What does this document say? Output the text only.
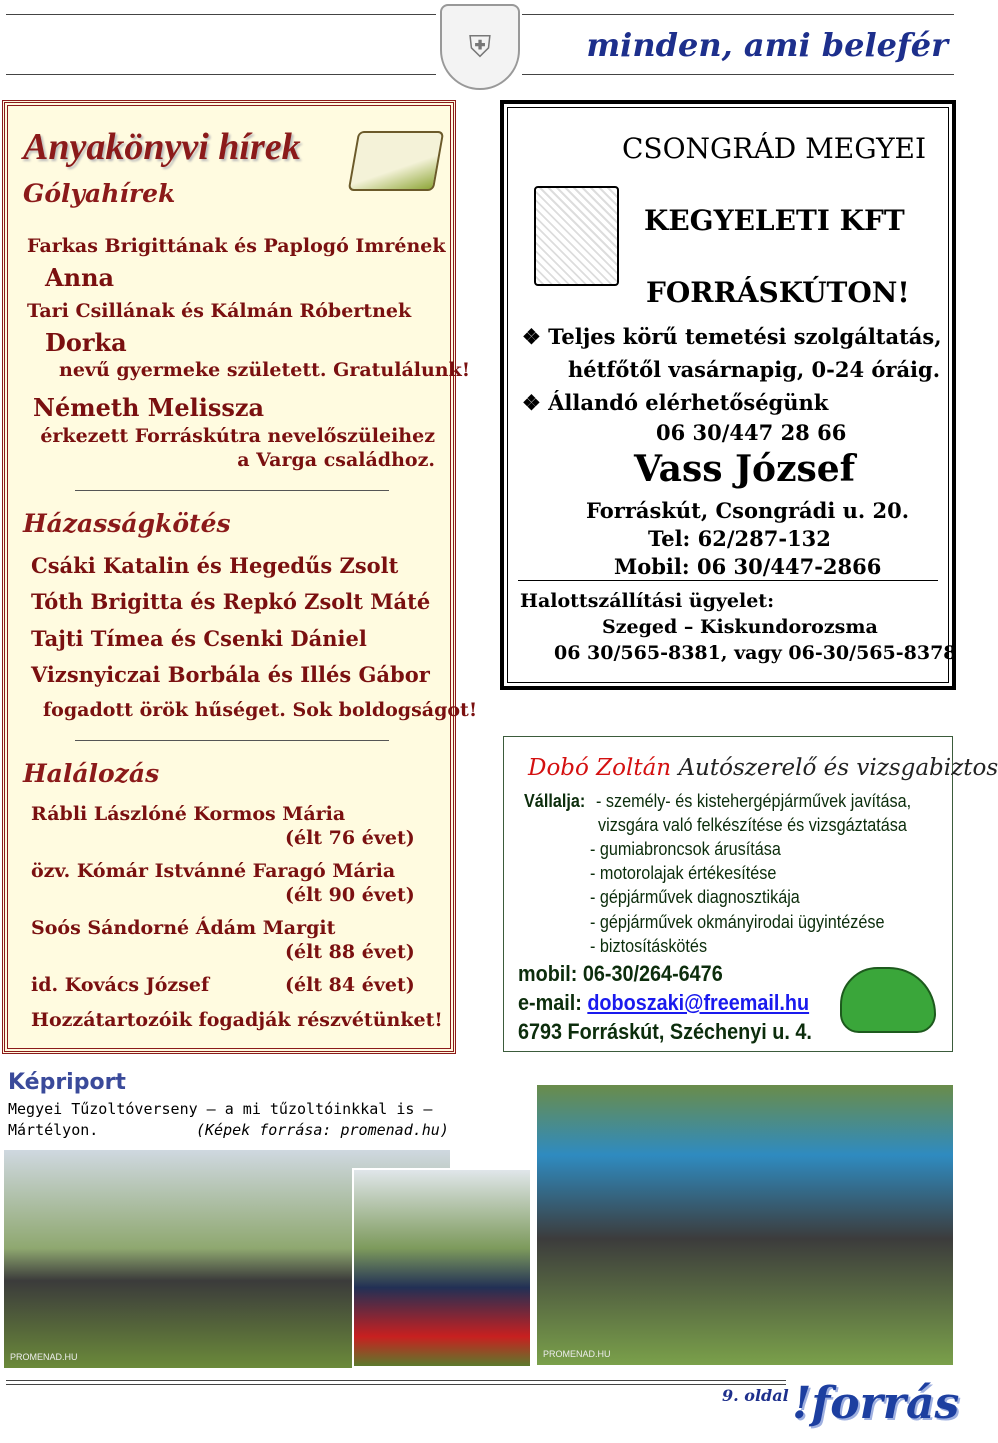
⛨	minden, ami belefér
Anyakönyvi hírek
Gólyahírek
Farkas Brigittának és Paplogó Imrének
Anna
Tari Csillának és Kálmán Róbertnek
Dorka
nevű gyermeke született. Gratulálunk!
Németh Melissza
érkezett Forráskútra nevelőszüleihez
a Varga családhoz.
Házasságkötés
Csáki Katalin és Hegedűs Zsolt
Tóth Brigitta és Repkó Zsolt Máté
Tajti Tímea és Csenki Dániel
Vizsnyiczai Borbála és Illés Gábor
fogadott örök hűséget. Sok boldogságot!
Halálozás
Rábli Lászlóné Kormos Mária
(élt 76 évet)
özv. Kómár Istvánné Faragó Mária
(élt 90 évet)
Soós Sándorné Ádám Margit
(élt 88 évet)
id. Kovács József	(élt 84 évet)
Hozzátartozóik fogadják részvétünket!
CSONGRÁD MEGYEI
KEGYELETI KFT
FORRÁSKÚTON!
❖ Teljes körű temetési szolgáltatás,
hétfőtől vasárnapig, 0-24 óráig.
❖ Állandó elérhetőségünk
06 30/447 28 66
Vass József
Forráskút, Csongrádi u. 20.
Tel: 62/287-132
Mobil: 06 30/447-2866
Halottszállítási ügyelet:
Szeged – Kiskundorozsma
06 30/565-8381, vagy 06-30/565-8378
Dobó Zoltán Autószerelő és vizsgabiztos
Vállalja: - személy- és kistehergépjárművek javítása,
vizsgára való felkészítése és vizsgáztatása
- gumiabroncsok árusítása
- motorolajak értékesítése
- gépjárművek diagnosztikája
- gépjárművek okmányirodai ügyintézése
- biztosításkötés
mobil: 06-30/264-6476
e-mail: doboszaki@freemail.hu
6793 Forráskút, Széchenyi u. 4.
Képriport
Megyei Tűzoltóverseny – a mi tűzoltóinkkal is –
Mártélyon.	(Képek forrása: promenad.hu)
PROMENAD.HU	PROMENAD.HU
9. oldal !forrás
